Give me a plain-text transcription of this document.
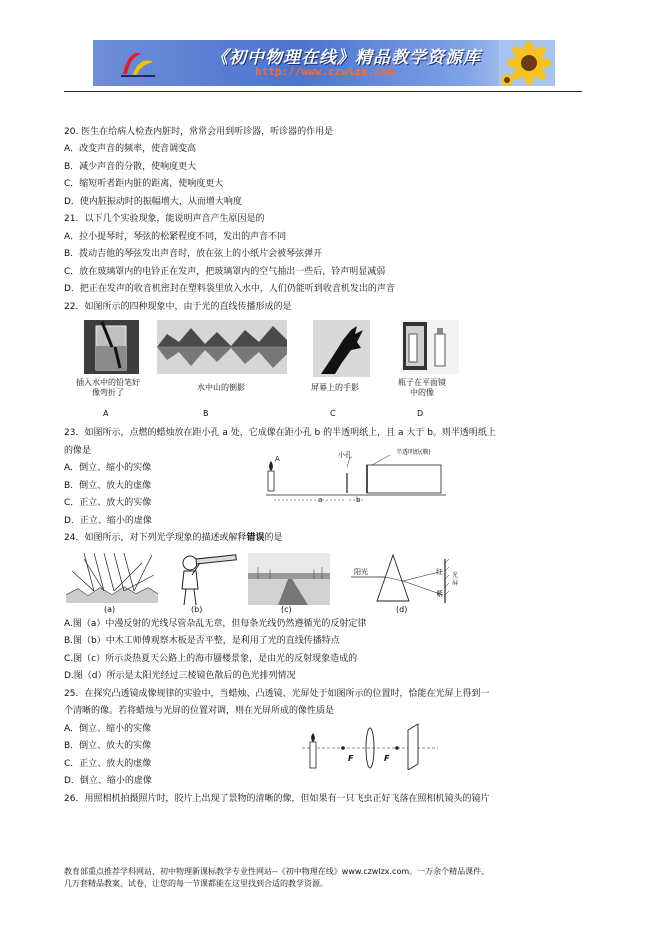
《初中物理在线》精品教学资源库
http://www.czwlzx.com
20. 医生在给病人检查内脏时，常常会用到听诊器，听诊器的作用是
A．改变声音的频率，使音调变高
B．减少声音的分散，使响度更大
C．缩短听者距内脏的距离，使响度更大
D．使内脏振动时的振幅增大，从而增大响度
21．以下几个实验现象，能说明声音产生原因是的
A．拉小提琴时，琴弦的松紧程度不同，发出的声音不同
B．拨动吉他的琴弦发出声音时，放在弦上的小纸片会被琴弦弹开
C．放在玻璃罩内的电铃正在发声，把玻璃罩内的空气抽出一些后，铃声明显减弱
D．把正在发声的收音机密封在塑料袋里放入水中，人们仍能听到收音机发出的声音
22．如图所示的四种现象中，由于光的直线传播形成的是
插入水中的铅笔好像弯折了
水中山的倒影	屏幕上的手影
瓶子在平面镜中的像
A	B	C	D
23．如图所示，点燃的蜡烛放在距小孔 a 处，它成像在距小孔 b 的半透明纸上，且 a 大于 b。则半透明纸上
的像是
A．倒立、缩小的实像
B．倒立、放大的虚像
C．正立、放大的实像
D．正立、缩小的虚像
A	小孔	半透明纸(膜)
a	b
24．如图所示，对下列光学现象的描述或解释错误的是
阳光	红
紫
光屏
(a)	(b)	(c)	(d)
A.图（a）中漫反射的光线尽管杂乱无章，但每条光线仍然遵循光的反射定律
B.图（b）中木工师傅观察木板是否平整，是利用了光的直线传播特点
C.图（c）所示炎热夏天公路上的海市蜃楼景象，是由光的反射现象造成的
D.图（d）所示是太阳光经过三棱镜色散后的色光排列情况
25．在探究凸透镜成像规律的实验中，当蜡烛、凸透镜、光屏处于如图所示的位置时，恰能在光屏上得到一
个清晰的像。若将蜡烛与光屏的位置对调，则在光屏所成的像性质是
A．倒立、缩小的实像
B．倒立、放大的实像
C．正立、放大的虚像
D．倒立、缩小的虚像
F	F
26．用照相机拍摄照片时，胶片上出现了景物的清晰的像，但如果有一只飞虫正好飞落在照相机镜头的镜片
教育部重点推荐学科网站、初中物理新课标教学专业性网站--《初中物理在线》www.czwlzx.com。一万余个精品课件、
几万套精品教案、试卷，让您的每一节课都能在这里找到合适的教学资源。
